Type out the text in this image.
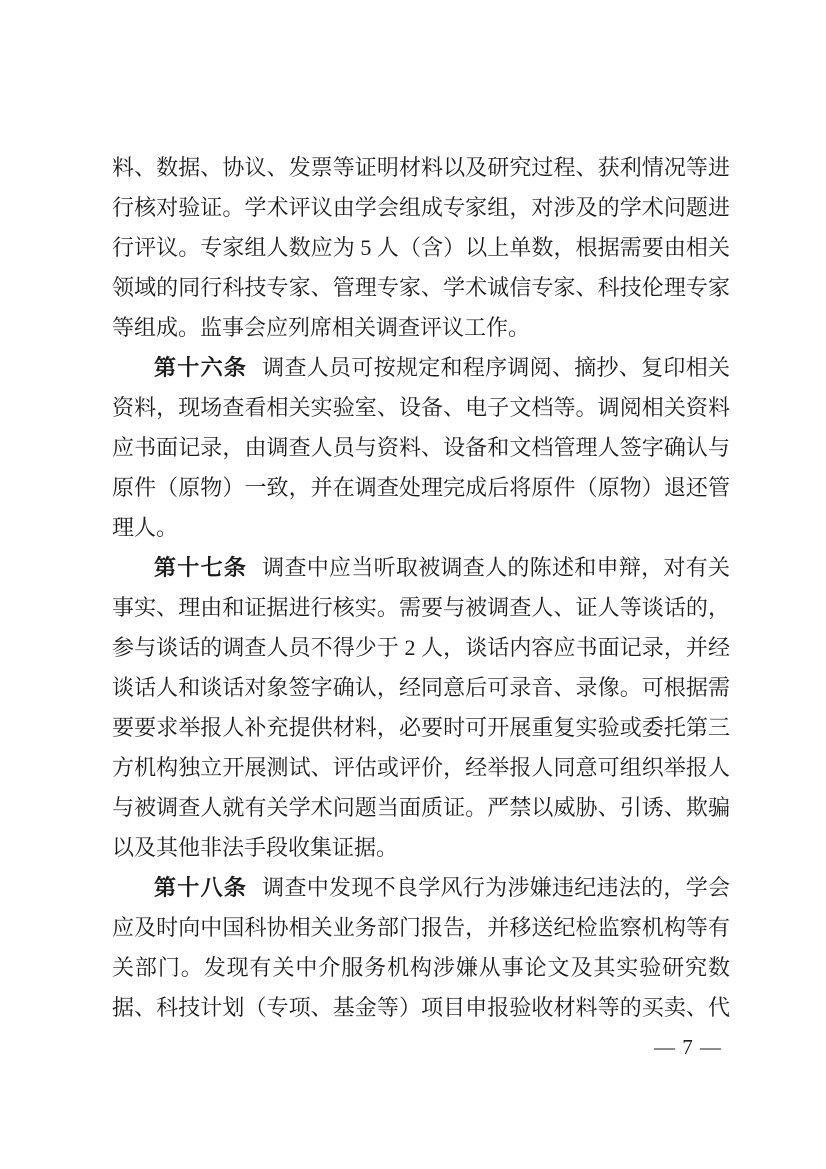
料、数据、协议、发票等证明材料以及研究过程、获利情况等进
行核对验证。学术评议由学会组成专家组，对涉及的学术问题进
行评议。专家组人数应为 5 人（含）以上单数，根据需要由相关
领域的同行科技专家、管理专家、学术诚信专家、科技伦理专家
等组成。监事会应列席相关调查评议工作。
第十六条 调查人员可按规定和程序调阅、摘抄、复印相关
资料，现场查看相关实验室、设备、电子文档等。调阅相关资料
应书面记录，由调查人员与资料、设备和文档管理人签字确认与
原件（原物）一致，并在调查处理完成后将原件（原物）退还管
理人。
第十七条 调查中应当听取被调查人的陈述和申辩，对有关
事实、理由和证据进行核实。需要与被调查人、证人等谈话的，
参与谈话的调查人员不得少于 2 人，谈话内容应书面记录，并经
谈话人和谈话对象签字确认，经同意后可录音、录像。可根据需
要要求举报人补充提供材料，必要时可开展重复实验或委托第三
方机构独立开展测试、评估或评价，经举报人同意可组织举报人
与被调查人就有关学术问题当面质证。严禁以威胁、引诱、欺骗
以及其他非法手段收集证据。
第十八条 调查中发现不良学风行为涉嫌违纪违法的，学会
应及时向中国科协相关业务部门报告，并移送纪检监察机构等有
关部门。发现有关中介服务机构涉嫌从事论文及其实验研究数
据、科技计划（专项、基金等）项目申报验收材料等的买卖、代
— 7 —
